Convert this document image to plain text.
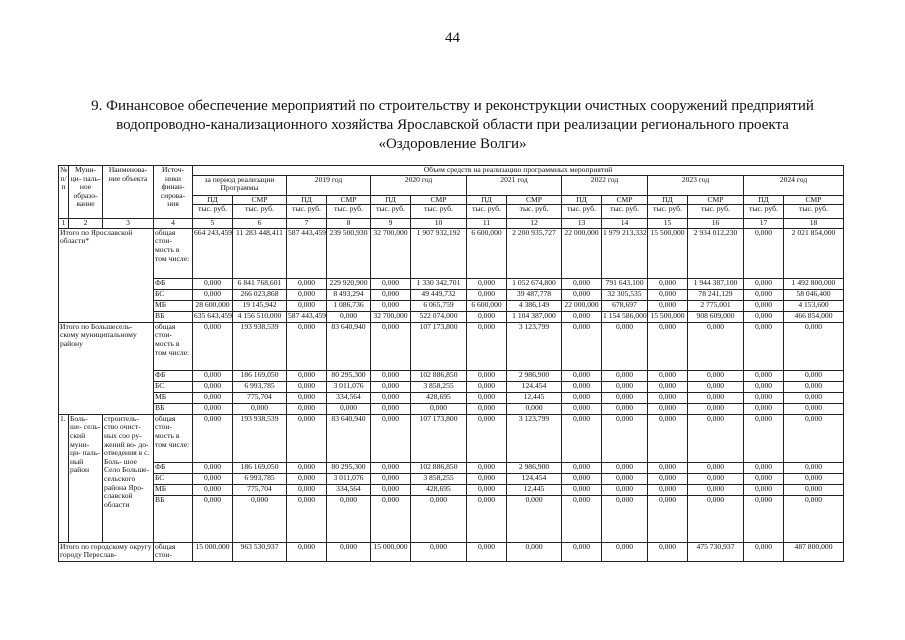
44
9. Финансовое обеспечение мероприятий по строительству и реконструкции очистных сооружений предприятий
водопроводно-канализационного хозяйства Ярославской области при реализации регионального проекта
«Оздоровление Волги»
№ п/п	Муни- ци- паль- ное образо- вание	Наименова- ние объекта	Источ- ники финан- сирова- ния	Объем средств на реализацию программных мероприятий													
				за период реализации Программы		2019 год		2020 год		2021 год		2022 год		2023 год		2024 год	
				ПД	СМР	ПД	СМР	ПД	СМР	ПД	СМР	ПД	СМР	ПД	СМР	ПД	СМР
				тыс. руб.	тыс. руб.	тыс. руб.	тыс. руб.	тыс. руб.	тыс. руб.	тыс. руб.	тыс. руб.	тыс. руб.	тыс. руб.	тыс. руб.	тыс. руб.	тыс. руб.	тыс. руб.
1	2	3	4	5	6	7	8	9	10	11	12	13	14	15	16	17	18
Итого по Ярославской области*			общая стои- мость в том числе:	664 243,459	11 283 448,411	587 443,459	239 500,930	32 700,000	1 907 932,192	6 600,000	2 200 935,727	22 000,000	1 979 213,332	15 500,000	2 934 012,230	0,000	2 021 854,000
			ФБ	0,000	6 841 768,601	0,000	229 920,900	0,000	1 330 342,701	0,000	1 052 674,800	0,000	791 643,100	0,000	1 944 387,100	0,000	1 492 800,000
			БС	0,000	266 023,868	0,000	8 493,294	0,000	49 449,732	0,000	39 487,778	0,000	32 305,535	0,000	78 241,129	0,000	58 046,400
			МБ	28 600,000	19 145,942	0,000	1 086,736	0,000	6 065,759	6 600,000	4 386,149	22 000,000	678,697	0,000	2 775,001	0,000	4 153,600
			ВБ	635 643,459	4 156 510,000	587 443,459	0,000	32 700,000	522 074,000	0,000	1 104 387,000	0,000	1 154 586,000	15 500,000	908 609,000	0,000	466 854,000
Итого по Большесель- скому муниципальному району			общая стои- мость в том числе:	0,000	193 938,539	0,000	83 640,940	0,000	107 173,800	0,000	3 123,799	0,000	0,000	0,000	0,000	0,000	0,000
			ФБ	0,000	186 169,050	0,000	80 295,300	0,000	102 886,850	0,000	2 986,900	0,000	0,000	0,000	0,000	0,000	0,000
			БС	0,000	6 993,785	0,000	3 011,076	0,000	3 858,255	0,000	124,454	0,000	0,000	0,000	0,000	0,000	0,000
			МБ	0,000	775,704	0,000	334,564	0,000	428,695	0,000	12,445	0,000	0,000	0,000	0,000	0,000	0,000
			ВБ	0,000	0,000	0,000	0,000	0,000	0,000	0,000	0,000	0,000	0,000	0,000	0,000	0,000	0,000
1.	Боль- ше- сель- ский муни- ци- паль- ный район	строитель- ство очист- ных соо ру- жений во- до- отведения в с. Боль- шое Село Больше- сельского района Яро- славской области	общая стои- мость в том числе:	0,000	193 938,539	0,000	83 640,940	0,000	107 173,800	0,000	3 123,799	0,000	0,000	0,000	0,000	0,000	0,000
			ФБ	0,000	186 169,050	0,000	80 295,300	0,000	102 886,850	0,000	2 986,900	0,000	0,000	0,000	0,000	0,000	0,000
			БС	0,000	6 993,785	0,000	3 011,076	0,000	3 858,255	0,000	124,454	0,000	0,000	0,000	0,000	0,000	0,000
			МБ	0,000	775,704	0,000	334,564	0,000	428,695	0,000	12,445	0,000	0,000	0,000	0,000	0,000	0,000
			ВБ	0,000	0,000	0,000	0,000	0,000	0,000	0,000	0,000	0,000	0,000	0,000	0,000	0,000	0,000
Итого по городскому округу городу Переслав-			общая стои-	15 000,000	963 530,937	0,000	0,000	15 000,000	0,000	0,000	0,000	0,000	0,000	0,000	475 730,937	0,000	487 800,000
